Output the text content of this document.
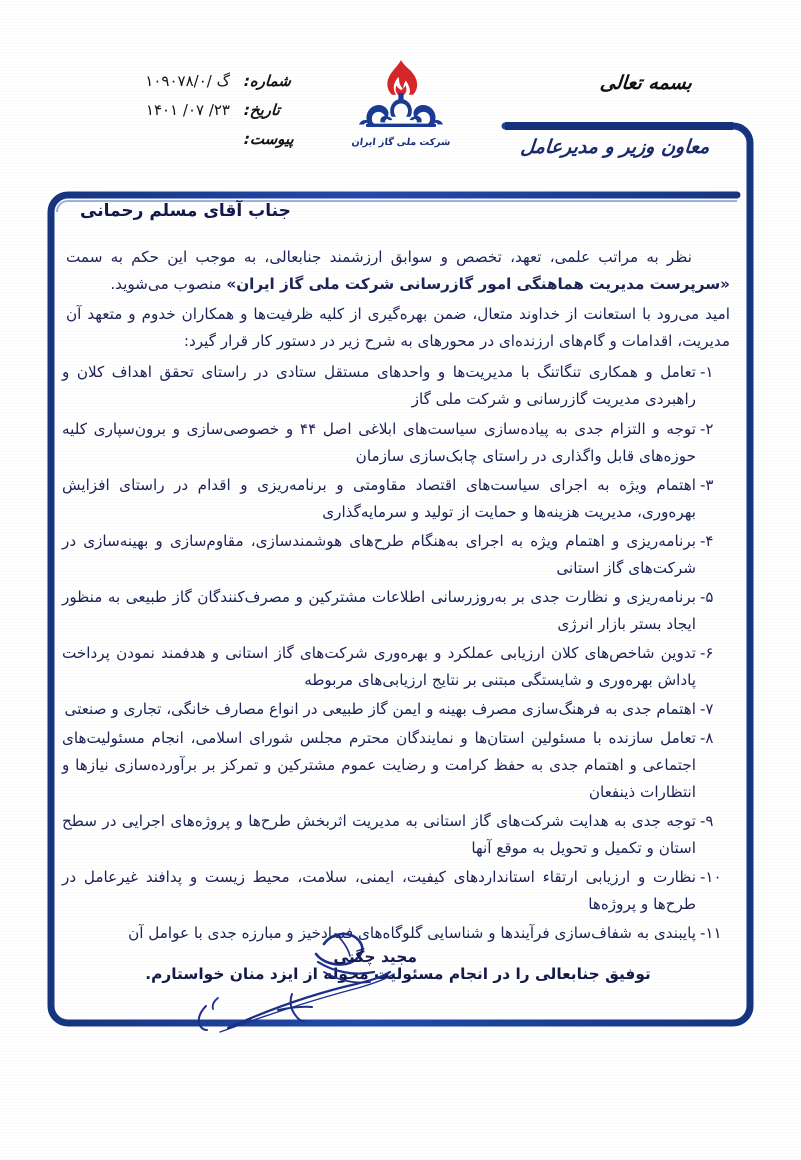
شماره:
گ /۱۰۹۰۷۸/۰
تاریخ:
۱۴۰۱ /۰۷ /۲۳
پیوست:	شرکت ملی گاز ایران
بسمه تعالی
معاون وزیر و مدیرعامل
جناب آقای مسلم رحمانی

نظر به مراتب علمی، تعهد، تخصص و سوابق ارزشمند جنابعالی، به موجب این حکم به سمت «سرپرست مدیریت هماهنگی امور گازرسانی شرکت ملی گاز ایران» منصوب می‌شوید.

امید می‌رود با استعانت از خداوند متعال، ضمن بهره‌گیری از کلیه ظرفیت‌ها و همکاران خدوم و متعهد آن مدیریت، اقدامات و گام‌های ارزنده‌ای در محورهای به شرح زیر در دستور کار قرار گیرد:

۱-
تعامل و همکاری تنگاتنگ با مدیریت‌ها و واحدهای مستقل ستادی در راستای تحقق اهداف کلان و راهبردی مدیریت گازرسانی و شرکت ملی گاز
۲-
توجه و التزام جدی به پیاده‌سازی سیاست‌های ابلاغی اصل ۴۴ و خصوصی‌سازی و برون‌سپاری کلیه حوزه‌های قابل واگذاری در راستای چابک‌سازی سازمان
۳-
اهتمام ویژه به اجرای سیاست‌های اقتصاد مقاومتی و برنامه‌ریزی و اقدام در راستای افزایش بهره‌وری، مدیریت هزینه‌ها و حمایت از تولید و سرمایه‌گذاری
۴-
برنامه‌ریزی و اهتمام ویژه به اجرای به‌هنگام طرح‌های هوشمندسازی، مقاوم‌سازی و بهینه‌سازی در شرکت‌های گاز استانی
۵-
برنامه‌ریزی و نظارت جدی بر به‌روزرسانی اطلاعات مشترکین و مصرف‌کنندگان گاز طبیعی به منظور ایجاد بستر بازار انرژی
۶-
تدوین شاخص‌های کلان ارزیابی عملکرد و بهره‌وری شرکت‌های گاز استانی و هدفمند نمودن پرداخت پاداش بهره‌وری و شایستگی مبتنی بر نتایج ارزیابی‌های مربوطه
۷-
اهتمام جدی به فرهنگ‌سازی مصرف بهینه و ایمن گاز طبیعی در انواع مصارف خانگی، تجاری و صنعتی
۸-
تعامل سازنده با مسئولین استان‌ها و نمایندگان محترم مجلس شورای اسلامی، انجام مسئولیت‌های اجتماعی و اهتمام جدی به حفظ کرامت و رضایت عموم مشترکین و تمرکز بر برآورده‌سازی نیازها و انتظارات ذینفعان
۹-
توجه جدی به هدایت شرکت‌های گاز استانی به مدیریت اثربخش طرح‌ها و پروژه‌های اجرایی در سطح استان و تکمیل و تحویل به موقع آنها
۱۰-
نظارت و ارزیابی ارتقاء استانداردهای کیفیت، ایمنی، سلامت، محیط زیست و پدافند غیرعامل در طرح‌ها و پروژه‌ها
۱۱-
پایبندی به شفاف‌سازی فرآیندها و شناسایی گلوگاه‌های فسادخیز و مبارزه جدی با عوامل آن
توفیق جنابعالی را در انجام مسئولیت محوله از ایزد منان خواستارم.
مجید چگنی
